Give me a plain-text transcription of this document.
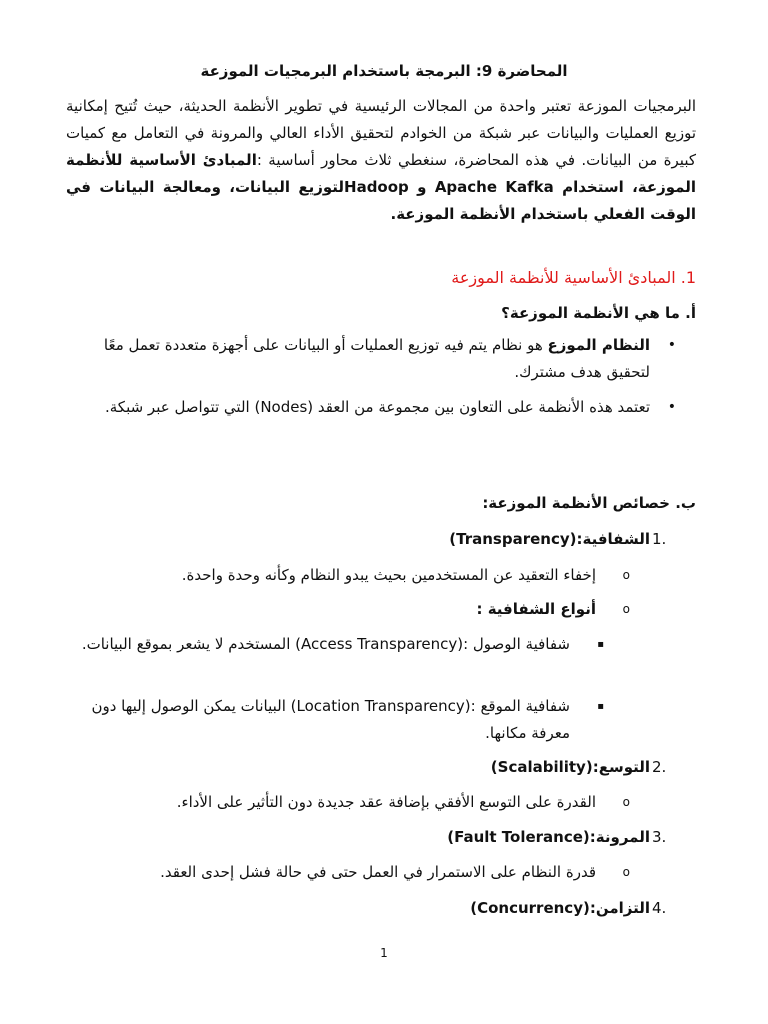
المحاضرة 9: البرمجة باستخدام البرمجيات الموزعة
البرمجيات الموزعة تعتبر واحدة من المجالات الرئيسية في تطوير الأنظمة الحديثة، حيث تُتيح إمكانية توزيع العمليات والبيانات عبر شبكة من الخوادم لتحقيق الأداء العالي والمرونة في التعامل مع كميات كبيرة من البيانات. في هذه المحاضرة، سنغطي ثلاث محاور أساسية :المبادئ الأساسية للأنظمة الموزعة، استخدام Apache Kafka و Hadoopلتوزيع البيانات، ومعالجة البيانات في الوقت الفعلي باستخدام الأنظمة الموزعة.
1. المبادئ الأساسية للأنظمة الموزعة
أ. ما هي الأنظمة الموزعة؟
•
النظام الموزع هو نظام يتم فيه توزيع العمليات أو البيانات على أجهزة متعددة تعمل معًا لتحقيق هدف مشترك.
•
تعتمد هذه الأنظمة على التعاون بين مجموعة من العقد (Nodes) التي تتواصل عبر شبكة.
ب. خصائص الأنظمة الموزعة:
1.
الشفافية:(Transparency)
o
إخفاء التعقيد عن المستخدمين بحيث يبدو النظام وكأنه وحدة واحدة.
o
أنواع الشفافية :
▪
شفافية الوصول :(Access Transparency) المستخدم لا يشعر بموقع البيانات.
▪
شفافية الموقع :(Location Transparency) البيانات يمكن الوصول إليها دون معرفة مكانها.
2.
التوسع:(Scalability)
o
القدرة على التوسع الأفقي بإضافة عقد جديدة دون التأثير على الأداء.
3.
المرونة:(Fault Tolerance)
o
قدرة النظام على الاستمرار في العمل حتى في حالة فشل إحدى العقد.
4.
التزامن:(Concurrency)
1
